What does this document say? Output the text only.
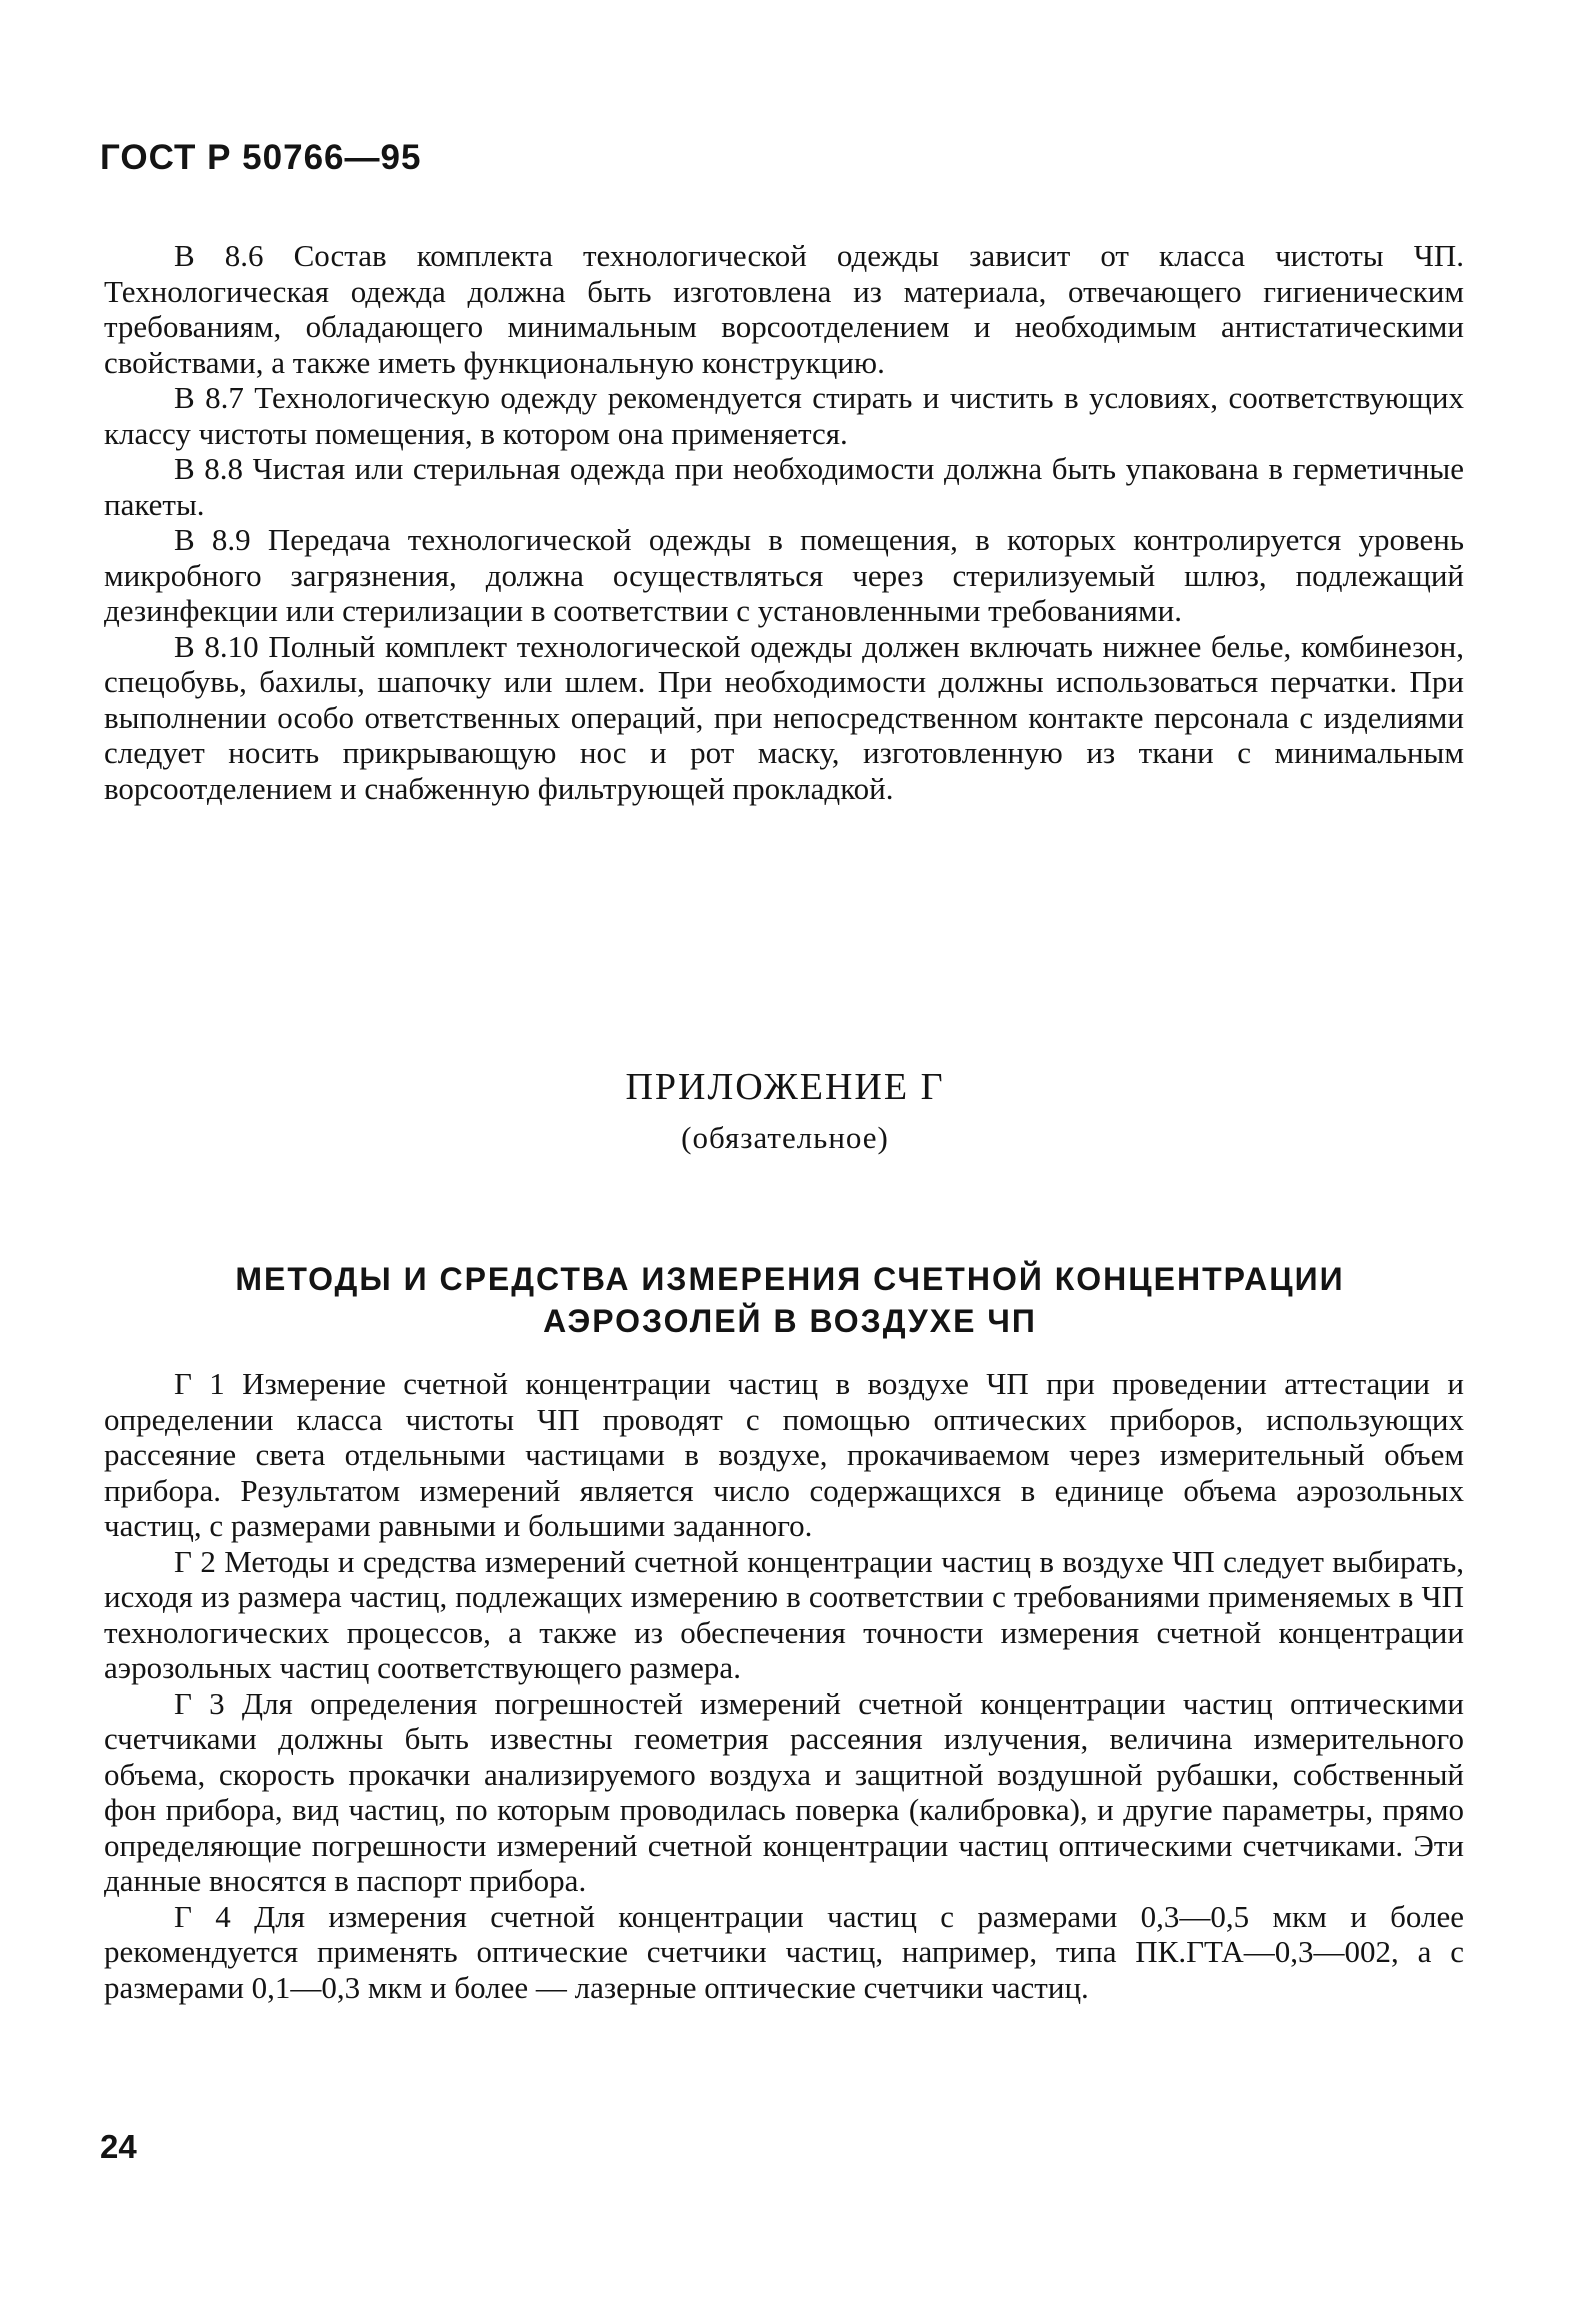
ГОСТ Р 50766—95

В 8.6 Состав комплекта технологической одежды зависит от класса чистоты ЧП. Технологическая одежда должна быть изготовлена из материала, отвечающего гигиеническим требованиям, обладающего минимальным ворсоотделением и необходимым антистатическими свойствами, а также иметь функциональную конструкцию.

В 8.7 Технологическую одежду рекомендуется стирать и чистить в условиях, соответствующих классу чистоты помещения, в котором она применяется.

В 8.8 Чистая или стерильная одежда при необходимости должна быть упакована в герметичные пакеты.

В 8.9 Передача технологической одежды в помещения, в которых контролируется уровень микробного загрязнения, должна осуществляться через стерилизуемый шлюз, подлежащий дезинфекции или стерилизации в соответствии с установленными требованиями.

В 8.10 Полный комплект технологической одежды должен включать нижнее белье, комбинезон, спецобувь, бахилы, шапочку или шлем. При необходимости должны использоваться перчатки. При выполнении особо ответственных операций, при непосредственном контакте персонала с изделиями следует носить прикрывающую нос и рот маску, изготовленную из ткани с минимальным ворсоотделением и снабженную фильтрующей прокладкой.

ПРИЛОЖЕНИЕ Г
(обязательное)
МЕТОДЫ И СРЕДСТВА ИЗМЕРЕНИЯ СЧЕТНОЙ КОНЦЕНТРАЦИИ
АЭРОЗОЛЕЙ В ВОЗДУХЕ ЧП

Г 1 Измерение счетной концентрации частиц в воздухе ЧП при проведении аттестации и определении класса чистоты ЧП проводят с помощью оптических приборов, использующих рассеяние света отдельными частицами в воздухе, прокачиваемом через измерительный объем прибора. Результатом измерений является число содержащихся в единице объема аэрозольных частиц, с размерами равными и большими заданного.

Г 2 Методы и средства измерений счетной концентрации частиц в воздухе ЧП следует выбирать, исходя из размера частиц, подлежащих измерению в соответствии с требованиями применяемых в ЧП технологических процессов, а также из обеспечения точности измерения счетной концентрации аэрозольных частиц соответствующего размера.

Г 3 Для определения погрешностей измерений счетной концентрации частиц оптическими счетчиками должны быть известны геометрия рассеяния излучения, величина измерительного объема, скорость прокачки анализируемого воздуха и защитной воздушной рубашки, собственный фон прибора, вид частиц, по которым проводилась поверка (калибровка), и другие параметры, прямо определяющие погрешности измерений счетной концентрации частиц оптическими счетчиками. Эти данные вносятся в паспорт прибора.

Г 4 Для измерения счетной концентрации частиц с размерами 0,3—0,5 мкм и более рекомендуется применять оптические счетчики частиц, например, типа ПК.ГТА—0,3—002, а с размерами 0,1—0,3 мкм и более — лазерные оптические счетчики частиц.

24
